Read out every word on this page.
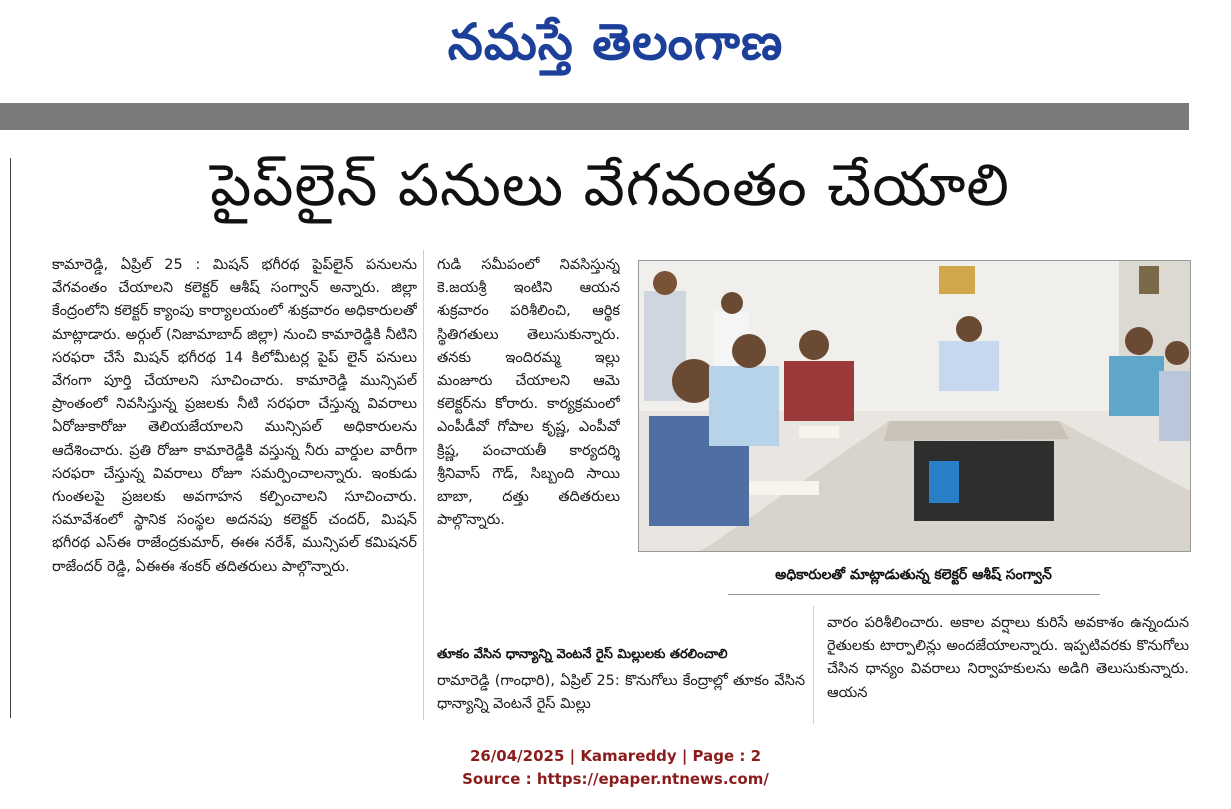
నమస్తే తెలంగాణ
పైప్‌లైన్ పనులు వేగవంతం చేయాలి

కామారెడ్డి, ఏప్రిల్ 25 : మిషన్ భగీరథ పైప్‌లైన్ పనులను వేగవంతం చేయాలని కలెక్టర్ ఆశీష్ సంగ్వాన్ అన్నారు. జిల్లా కేంద్రంలోని కలెక్టర్ క్యాంపు కార్యాలయంలో శుక్రవారం అధికారులతో మాట్లాడారు. అర్గుల్ (నిజామాబాద్ జిల్లా) నుంచి కామారెడ్డికి నీటిని సరఫరా చేసే మిషన్ భగీరథ 14 కిలోమీటర్ల పైప్ లైన్ పనులు వేగంగా పూర్తి చేయాలని సూచించారు. కామారెడ్డి మున్సిపల్ ప్రాంతంలో నివసిస్తున్న ప్రజలకు నీటి సరఫరా చేస్తున్న వివరాలు ఏరోజుకారోజు తెలియజేయాలని మున్సిపల్ అధికారులను ఆదేశించారు. ప్రతి రోజూ కామారెడ్డికి వస్తున్న నీరు వార్డుల వారీగా సరఫరా చేస్తున్న వివరాలు రోజూ సమర్పించాలన్నారు. ఇంకుడు గుంతలపై ప్రజలకు అవగాహన కల్పించాలని సూచించారు. సమావేశంలో స్థానిక సంస్థల అదనపు కలెక్టర్ చందర్, మిషన్ భగీరథ ఎస్ఈ రాజేంద్రకుమార్, ఈఈ నరేశ్, మున్సిపల్ కమిషనర్ రాజేందర్ రెడ్డి, ఏఈఈ శంకర్ తదితరులు పాల్గొన్నారు.

గుడి సమీపంలో నివసిస్తున్న కె.జయశ్రీ ఇంటిని ఆయన శుక్రవారం పరిశీలించి, ఆర్థిక స్థితిగతులు తెలుసుకున్నారు. తనకు ఇందిరమ్మ ఇల్లు మంజూరు చేయాలని ఆమె కలెక్టర్‌ను కోరారు. కార్యక్రమంలో ఎంపీడీవో గోపాల కృష్ణ, ఎంపీవో క్రిష్ణ, పంచాయతీ కార్యదర్శి శ్రీనివాస్ గౌడ్, సిబ్బంది సాయి బాబా, దత్తు తదితరులు పాల్గొన్నారు.

తూకం వేసిన ధాన్యాన్ని వెంటనే రైస్ మిల్లులకు తరలించాలి

రామారెడ్డి (గాంధారి), ఏప్రిల్ 25: కొనుగోలు కేంద్రాల్లో తూకం వేసిన ధాన్యాన్ని వెంటనే రైస్ మిల్లు

వారం పరిశీలించారు. అకాల వర్షాలు కురిసే అవకాశం ఉన్నందున రైతులకు టార్పాలిన్లు అందజేయాలన్నారు. ఇప్పటివరకు కొనుగోలు చేసిన ధాన్యం వివరాలు నిర్వాహకులను అడిగి తెలుసుకున్నారు. ఆయన

అధికారులతో మాట్లాడుతున్న కలెక్టర్ ఆశీష్ సంగ్వాన్
26/04/2025 | Kamareddy | Page : 2
Source : https://epaper.ntnews.com/
